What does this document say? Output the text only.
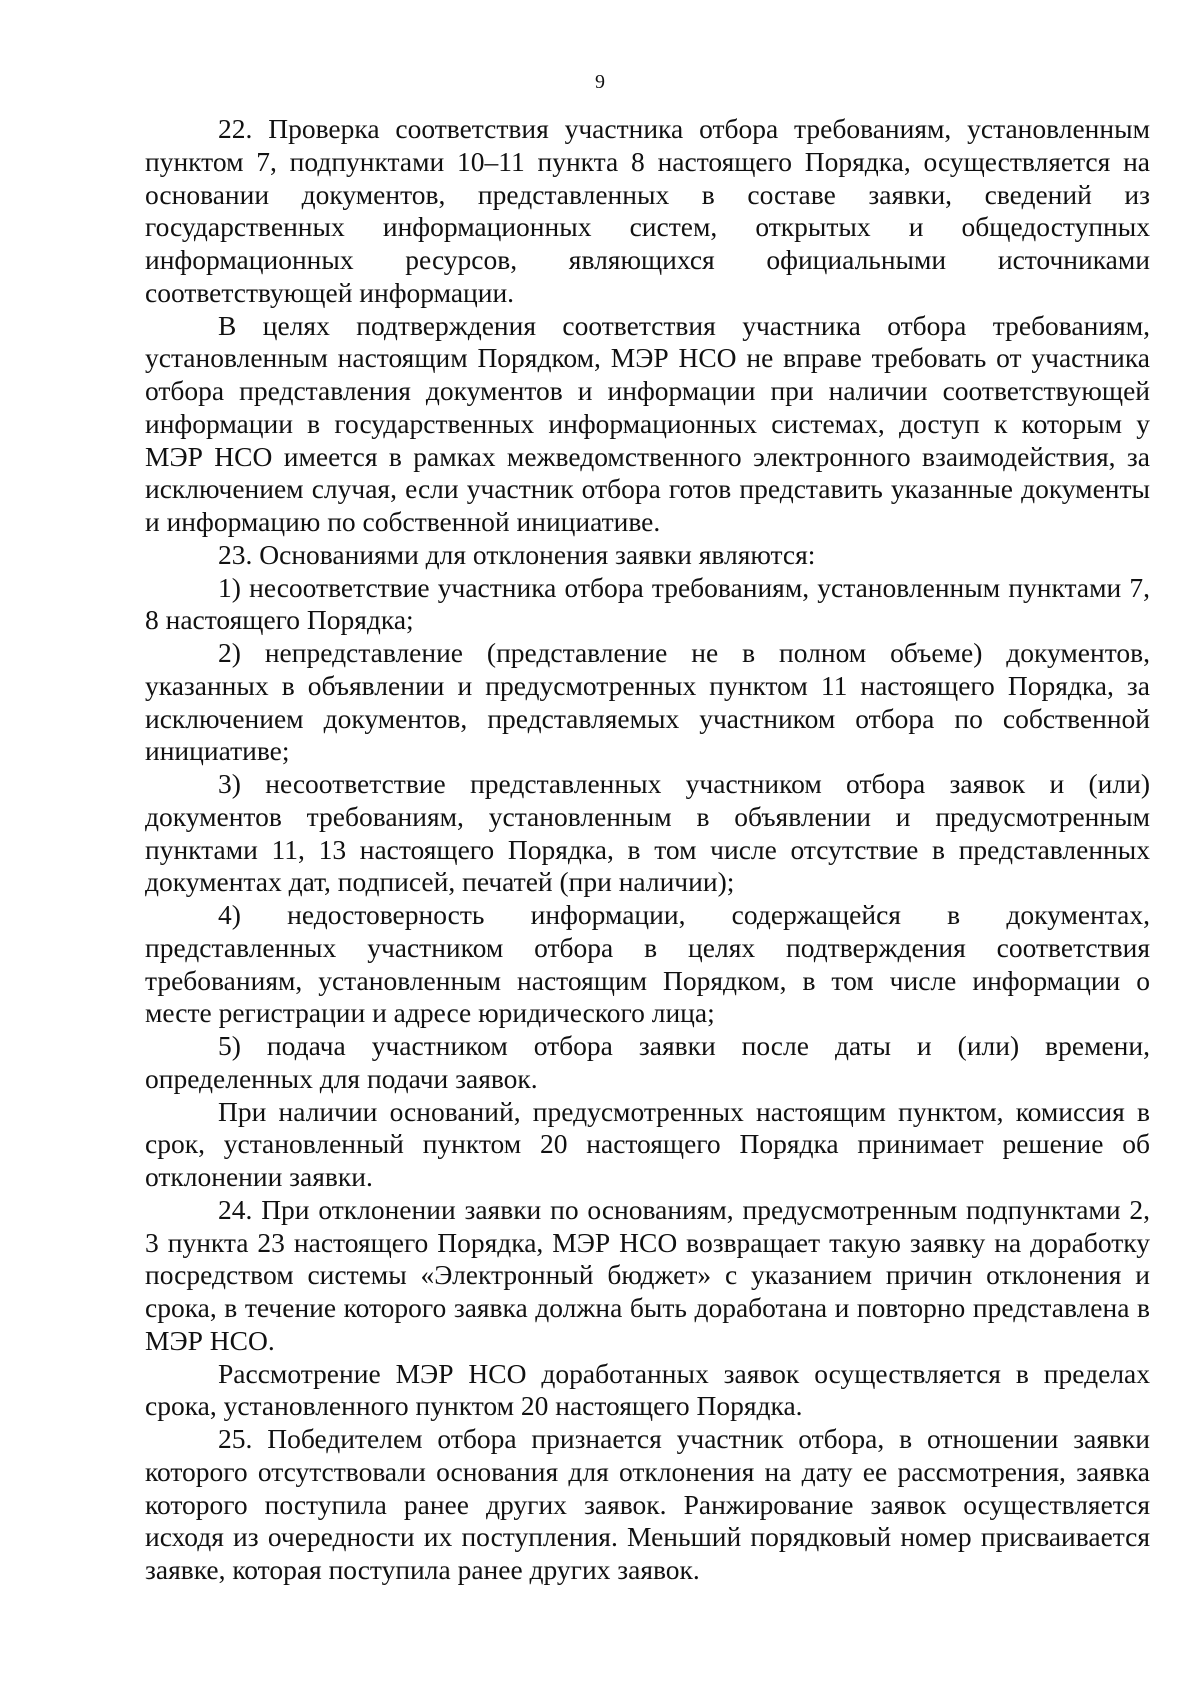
9

22. Проверка соответствия участника отбора требованиям, установленным пунктом 7, подпунктами 10–11 пункта 8 настоящего Порядка, осуществляется на основании документов, представленных в составе заявки, сведений из государственных информационных систем, открытых и общедоступных информационных ресурсов, являющихся официальными источниками соответствующей информации.

В целях подтверждения соответствия участника отбора требованиям, установленным настоящим Порядком, МЭР НСО не вправе требовать от участника отбора представления документов и информации при наличии соответствующей информации в государственных информационных системах, доступ к которым у МЭР НСО имеется в рамках межведомственного электронного взаимодействия, за исключением случая, если участник отбора готов представить указанные документы и информацию по собственной инициативе.

23. Основаниями для отклонения заявки являются:

1) несоответствие участника отбора требованиям, установленным пунктами 7, 8 настоящего Порядка;

2) непредставление (представление не в полном объеме) документов, указанных в объявлении и предусмотренных пунктом 11 настоящего Порядка, за исключением документов, представляемых участником отбора по собственной инициативе;

3) несоответствие представленных участником отбора заявок и (или) документов требованиям, установленным в объявлении и предусмотренным пунктами 11, 13 настоящего Порядка, в том числе отсутствие в представленных документах дат, подписей, печатей (при наличии);

4) недостоверность информации, содержащейся в документах, представленных участником отбора в целях подтверждения соответствия требованиям, установленным настоящим Порядком, в том числе информации о месте регистрации и адресе юридического лица;

5) подача участником отбора заявки после даты и (или) времени, определенных для подачи заявок.

При наличии оснований, предусмотренных настоящим пунктом, комиссия в срок, установленный пунктом 20 настоящего Порядка принимает решение об отклонении заявки.

24. При отклонении заявки по основаниям, предусмотренным подпунктами 2, 3 пункта 23 настоящего Порядка, МЭР НСО возвращает такую заявку на доработку посредством системы «Электронный бюджет» с указанием причин отклонения и срока, в течение которого заявка должна быть доработана и повторно представлена в МЭР НСО.

Рассмотрение МЭР НСО доработанных заявок осуществляется в пределах срока, установленного пунктом 20 настоящего Порядка.

25. Победителем отбора признается участник отбора, в отношении заявки которого отсутствовали основания для отклонения на дату ее рассмотрения, заявка которого поступила ранее других заявок. Ранжирование заявок осуществляется исходя из очередности их поступления. Меньший порядковый номер присваивается заявке, которая поступила ранее других заявок.
